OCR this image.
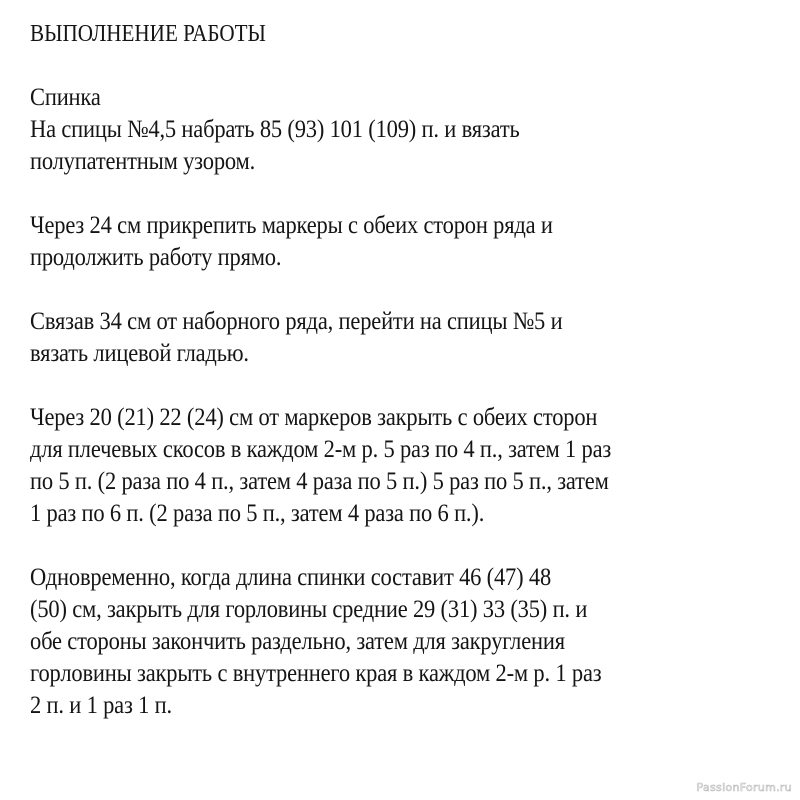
ВЫПОЛНЕНИЕ РАБОТЫ
Спинка
На спицы №4,5 набрать 85 (93) 101 (109) п. и вязать
полупатентным узором.
Через 24 см прикрепить маркеры с обеих сторон ряда и
продолжить работу прямо.
Связав 34 см от наборного ряда, перейти на спицы №5 и
вязать лицевой гладью.
Через 20 (21) 22 (24) см от маркеров закрыть с обеих сторон
для плечевых скосов в каждом 2-м р. 5 раз по 4 п., затем 1 раз
по 5 п. (2 раза по 4 п., затем 4 раза по 5 п.) 5 раз по 5 п., затем
1 раз по 6 п. (2 раза по 5 п., затем 4 раза по 6 п.).
Одновременно, когда длина спинки составит 46 (47) 48
(50) см, закрыть для горловины средние 29 (31) 33 (35) п. и
обе стороны закончить раздельно, затем для закругления
горловины закрыть с внутреннего края в каждом 2-м р. 1 раз
2 п. и 1 раз 1 п.
PassionForum.ru
